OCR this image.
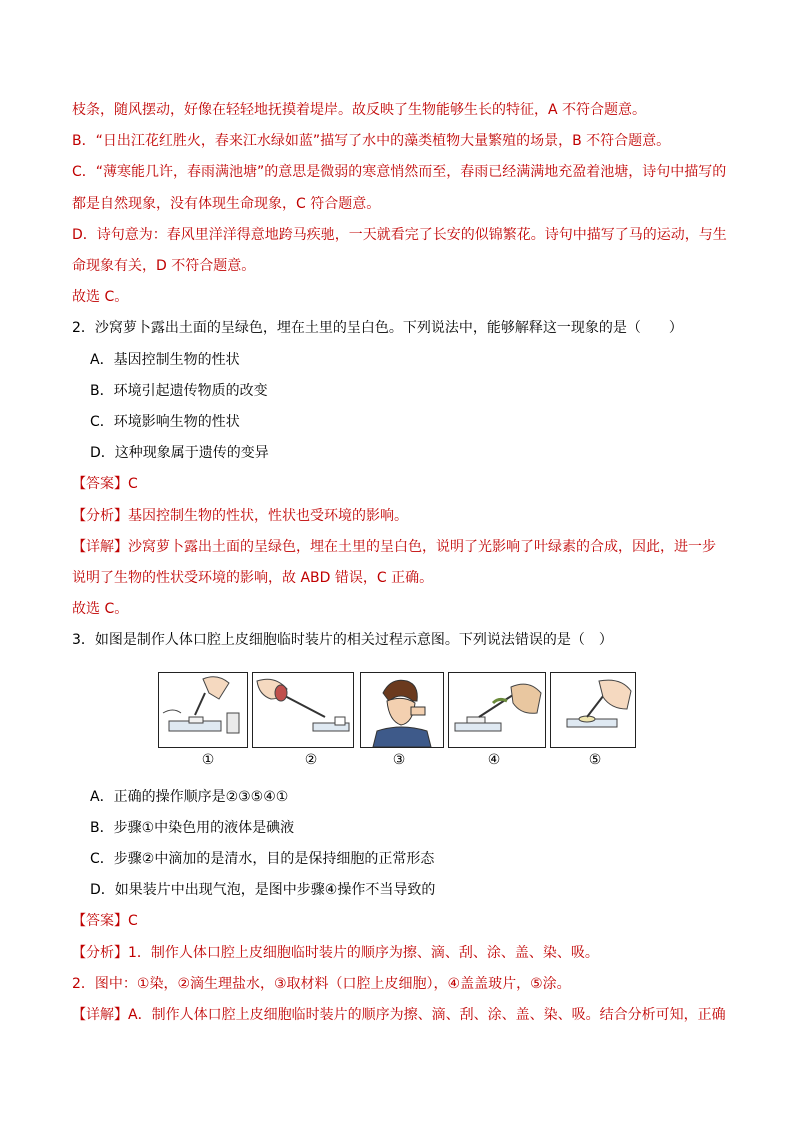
枝条，随风摆动，好像在轻轻地抚摸着堤岸。故反映了生物能够生长的特征，A 不符合题意。
B．“日出江花红胜火，春来江水绿如蓝”描写了水中的藻类植物大量繁殖的场景，B 不符合题意。
C．“薄寒能几许，春雨满池塘”的意思是微弱的寒意悄然而至，春雨已经满满地充盈着池塘，诗句中描写的
都是自然现象，没有体现生命现象，C 符合题意。
D．诗句意为：春风里洋洋得意地跨马疾驰，一天就看完了长安的似锦繁花。诗句中描写了马的运动，与生
命现象有关，D 不符合题意。
故选 C。
2．沙窝萝卜露出土面的呈绿色，埋在土里的呈白色。下列说法中，能够解释这一现象的是（　　）
A．基因控制生物的性状
B．环境引起遗传物质的改变
C．环境影响生物的性状
D．这种现象属于遗传的变异
【答案】C
【分析】基因控制生物的性状，性状也受环境的影响。
【详解】沙窝萝卜露出土面的呈绿色，埋在土里的呈白色，说明了光影响了叶绿素的合成，因此，进一步
说明了生物的性状受环境的影响，故 ABD 错误，C 正确。
故选 C。
3．如图是制作人体口腔上皮细胞临时装片的相关过程示意图。下列说法错误的是（　）
①	②	③	④	⑤
A．正确的操作顺序是②③⑤④①
B．步骤①中染色用的液体是碘液
C．步骤②中滴加的是清水，目的是保持细胞的正常形态
D．如果装片中出现气泡，是图中步骤④操作不当导致的
【答案】C
【分析】1．制作人体口腔上皮细胞临时装片的顺序为擦、滴、刮、涂、盖、染、吸。
2．图中：①染，②滴生理盐水，③取材料（口腔上皮细胞），④盖盖玻片，⑤涂。
【详解】A．制作人体口腔上皮细胞临时装片的顺序为擦、滴、刮、涂、盖、染、吸。结合分析可知，正确
